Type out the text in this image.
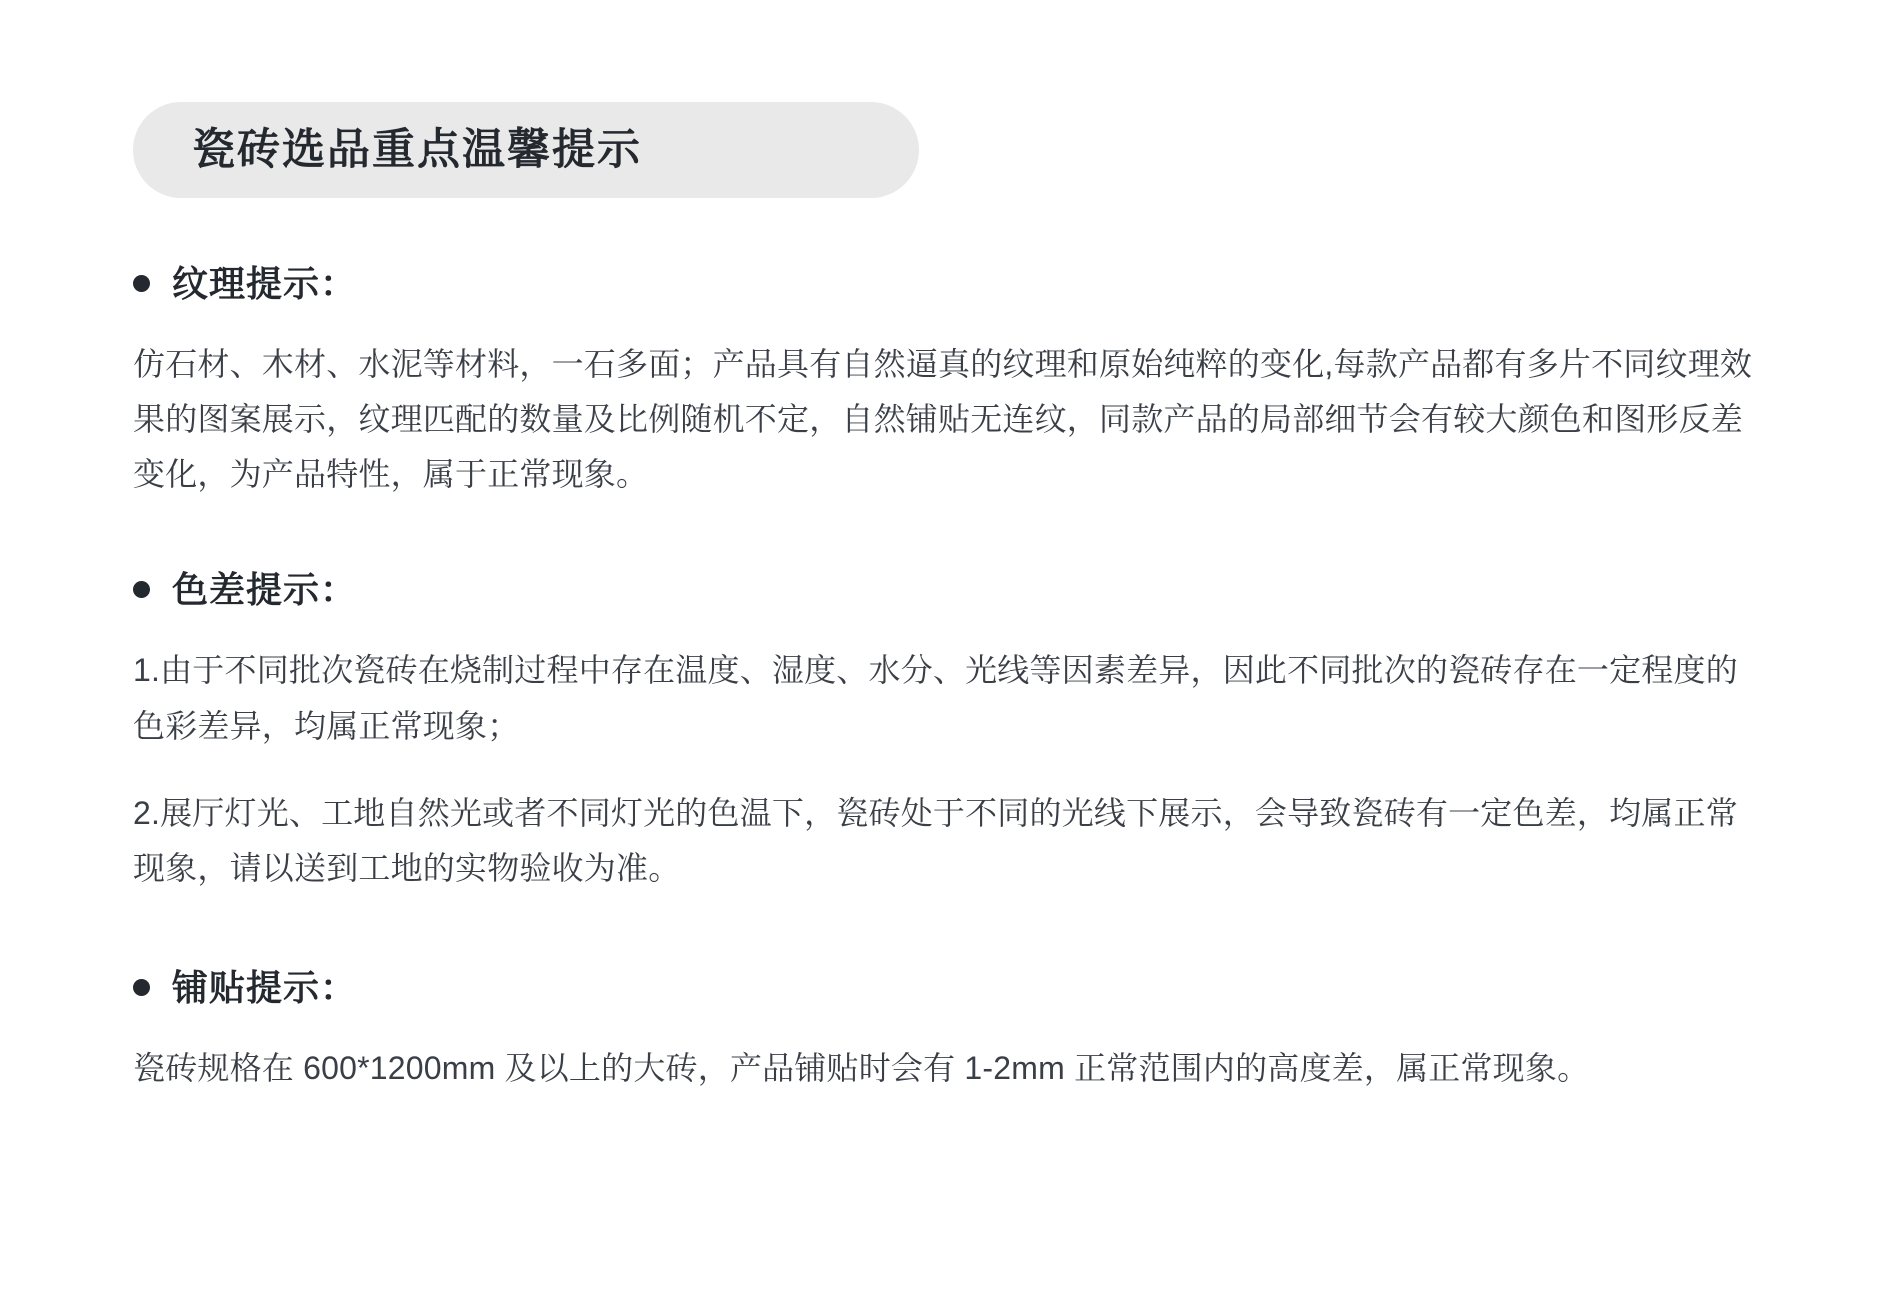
瓷砖选品重点温馨提示
纹理提示：

仿石材、木材、水泥等材料，一石多面；产品具有自然逼真的纹理和原始纯粹的变化,每款产品都有多片不同纹理效果的图案展示，纹理匹配的数量及比例随机不定，自然铺贴无连纹，同款产品的局部细节会有较大颜色和图形反差变化，为产品特性，属于正常现象。

色差提示：

1.由于不同批次瓷砖在烧制过程中存在温度、湿度、水分、光线等因素差异，因此不同批次的瓷砖存在一定程度的色彩差异，均属正常现象；

2.展厅灯光、工地自然光或者不同灯光的色温下，瓷砖处于不同的光线下展示，会导致瓷砖有一定色差，均属正常现象，请以送到工地的实物验收为准。

铺贴提示：

瓷砖规格在 600*1200mm 及以上的大砖，产品铺贴时会有 1-2mm 正常范围内的高度差，属正常现象。
